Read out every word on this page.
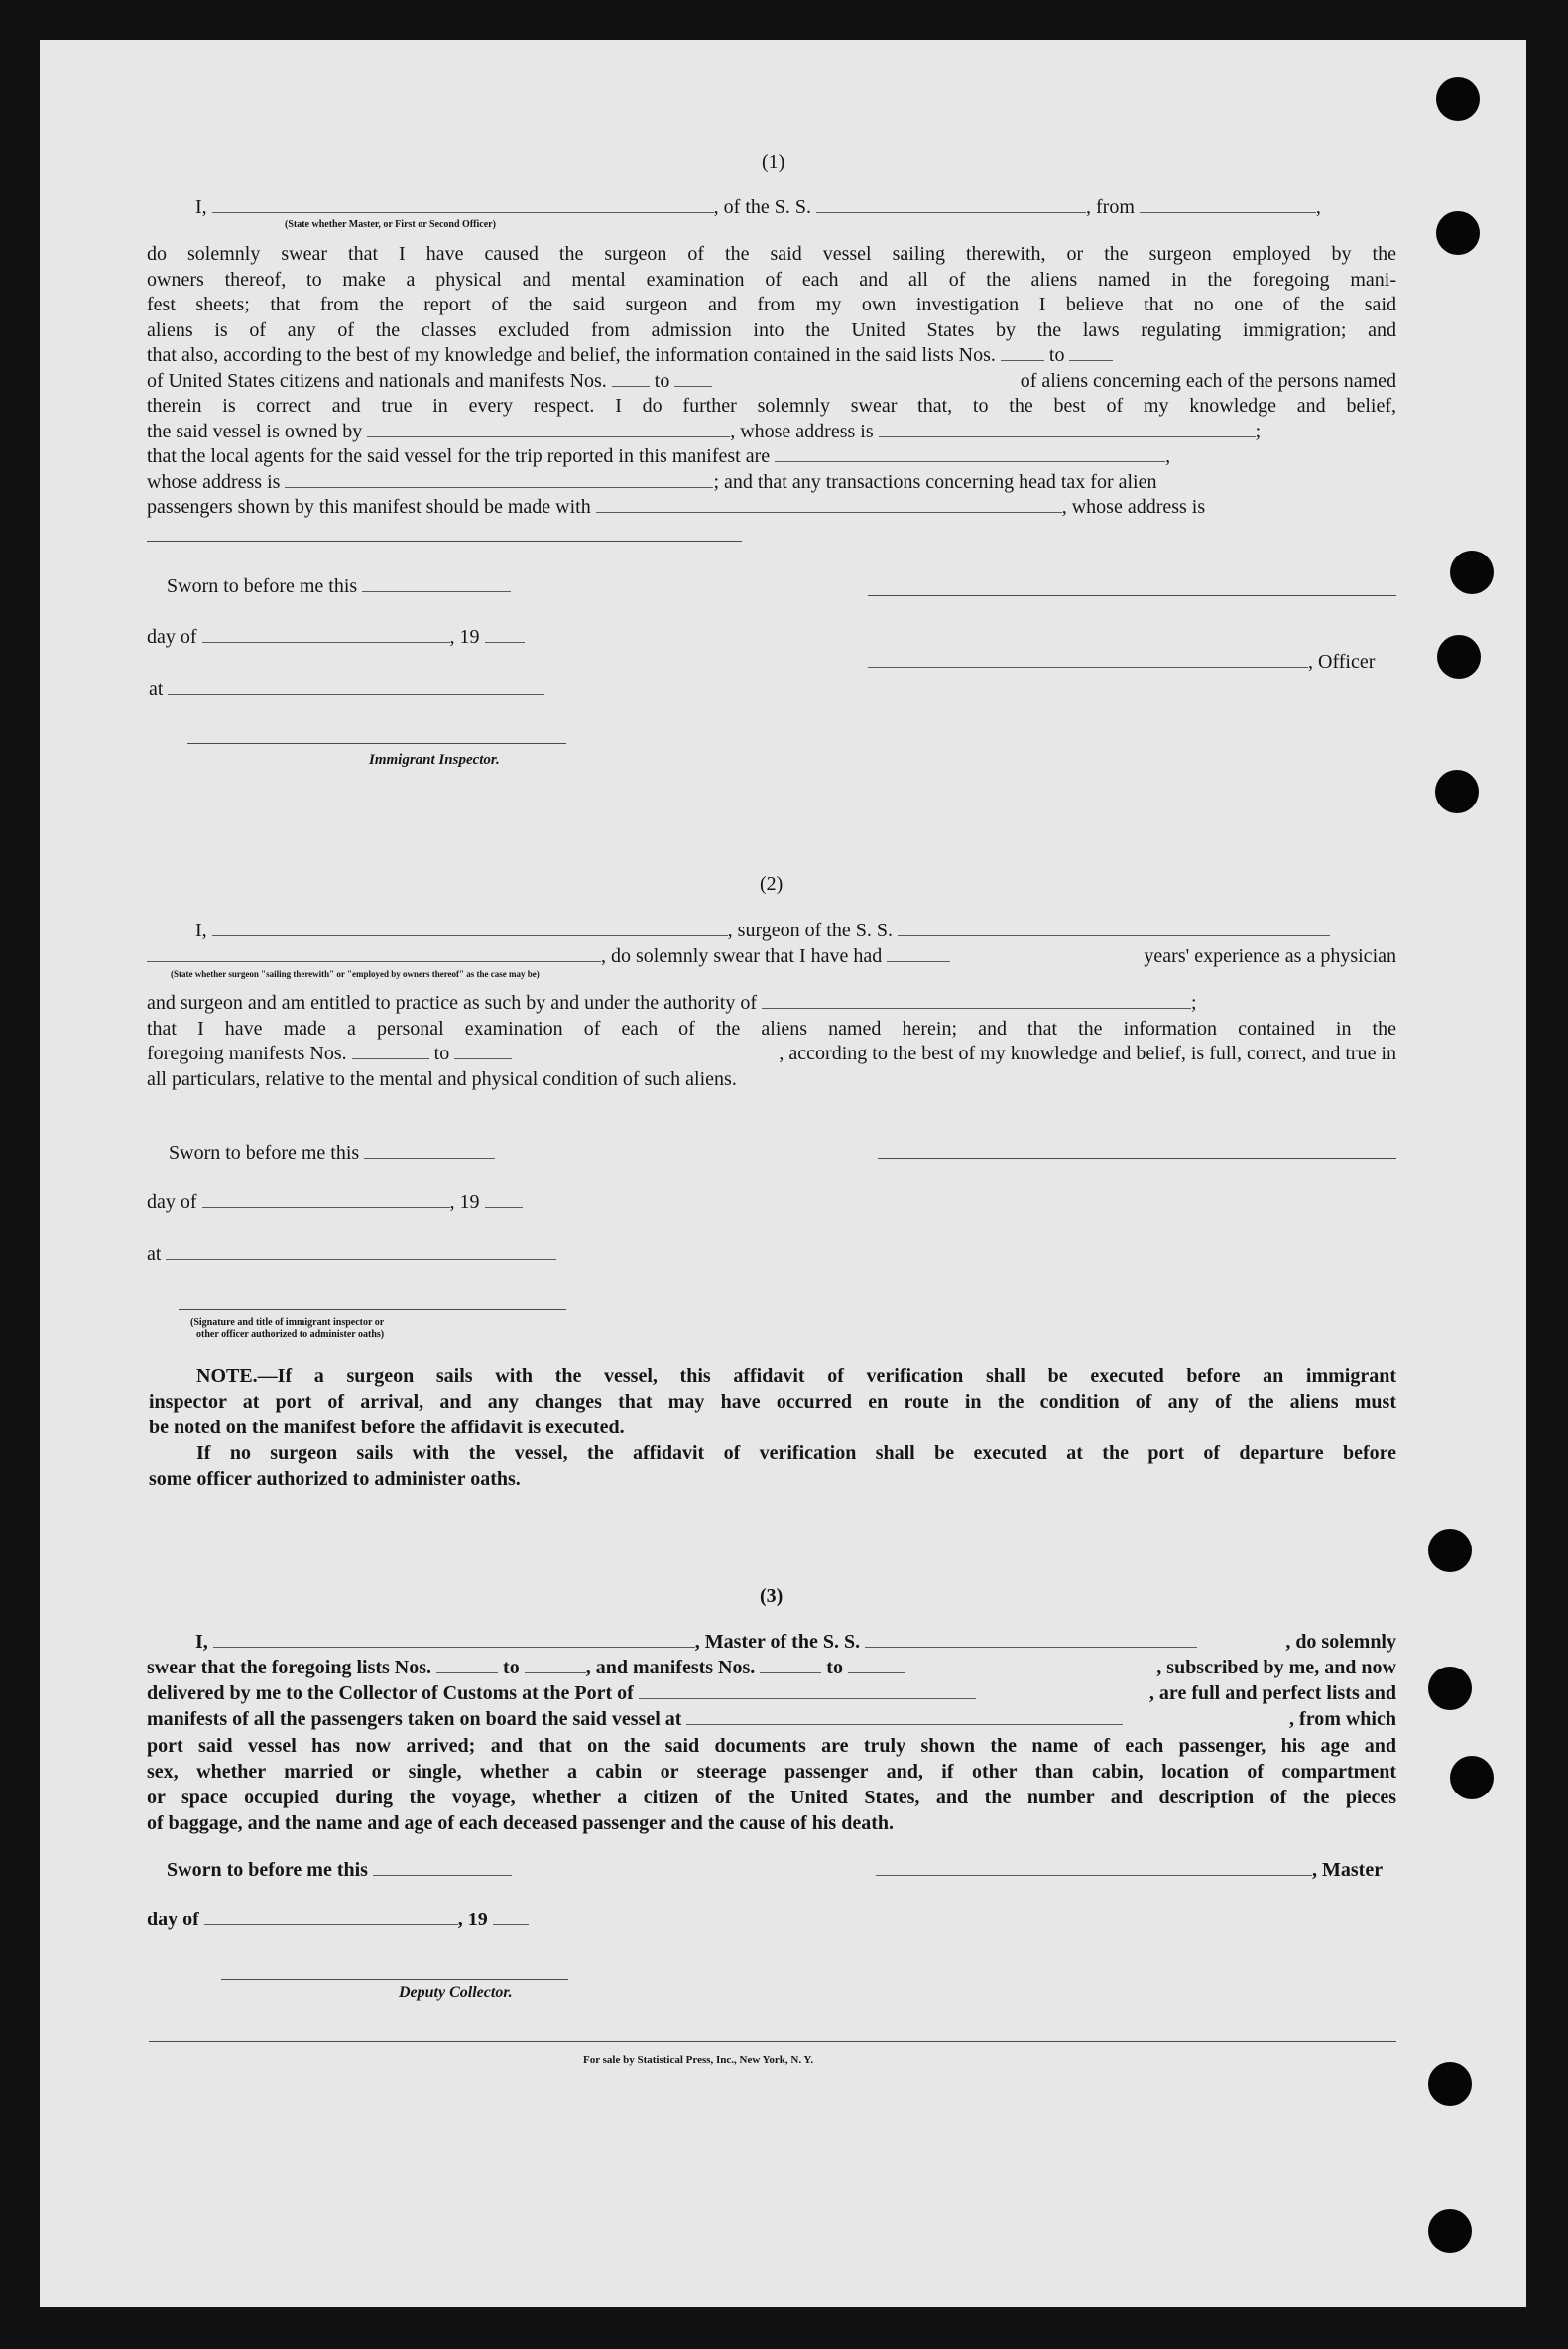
(1)
I,	, of the S. S.	, from	,
(State whether Master, or First or Second Officer)
do solemnly swear that I have caused the surgeon of the said vessel sailing therewith, or the surgeon employed by the
owners thereof, to make a physical and mental examination of each and all of the aliens named in the foregoing mani-
fest sheets; that from the report of the said surgeon and from my own investigation I believe that no one of the said
aliens is of any of the classes excluded from admission into the United States by the laws regulating immigration; and
that also, according to the best of my knowledge and belief, the information contained in the said lists Nos.	to
of United States citizens and nationals and manifests Nos. to	of aliens concerning each of the persons named
therein is correct and true in every respect. I do further solemnly swear that, to the best of my knowledge and belief,
the said vessel is owned by	, whose address is	;
that the local agents for the said vessel for the trip reported in this manifest are	,
whose address is	; and that any transactions concerning head tax for alien
passengers shown by this manifest should be made with	, whose address is
Sworn to before me this
day of	, 19
, Officer
at
Immigrant Inspector.
(2)
I,	, surgeon of the S. S.
, do solemnly swear that I have had	years' experience as a physician
(State whether surgeon "sailing therewith" or "employed by owners thereof" as the case may be)
and surgeon and am entitled to practice as such by and under the authority of	;
that I have made a personal examination of each of the aliens named herein; and that the information contained in the
foregoing manifests Nos.	to	, according to the best of my knowledge and belief, is full, correct, and true in
all particulars, relative to the mental and physical condition of such aliens.
Sworn to before me this
day of	, 19
at
(Signature and title of immigrant inspector or
other officer authorized to administer oaths)
NOTE.—If a surgeon sails with the vessel, this affidavit of verification shall be executed before an immigrant
inspector at port of arrival, and any changes that may have occurred en route in the condition of any of the aliens must
be noted on the manifest before the affidavit is executed.
If no surgeon sails with the vessel, the affidavit of verification shall be executed at the port of departure before
some officer authorized to administer oaths.
(3)
I,	, Master of the S. S.	, do solemnly
swear that the foregoing lists Nos.	to	, and manifests Nos.	to	, subscribed by me, and now
delivered by me to the Collector of Customs at the Port of	, are full and perfect lists and
manifests of all the passengers taken on board the said vessel at	, from which
port said vessel has now arrived; and that on the said documents are truly shown the name of each passenger, his age and
sex, whether married or single, whether a cabin or steerage passenger and, if other than cabin, location of compartment
or space occupied during the voyage, whether a citizen of the United States, and the number and description of the pieces
of baggage, and the name and age of each deceased passenger and the cause of his death.
Sworn to before me this	, Master
day of	, 19
Deputy Collector.
For sale by Statistical Press, Inc., New York, N. Y.
